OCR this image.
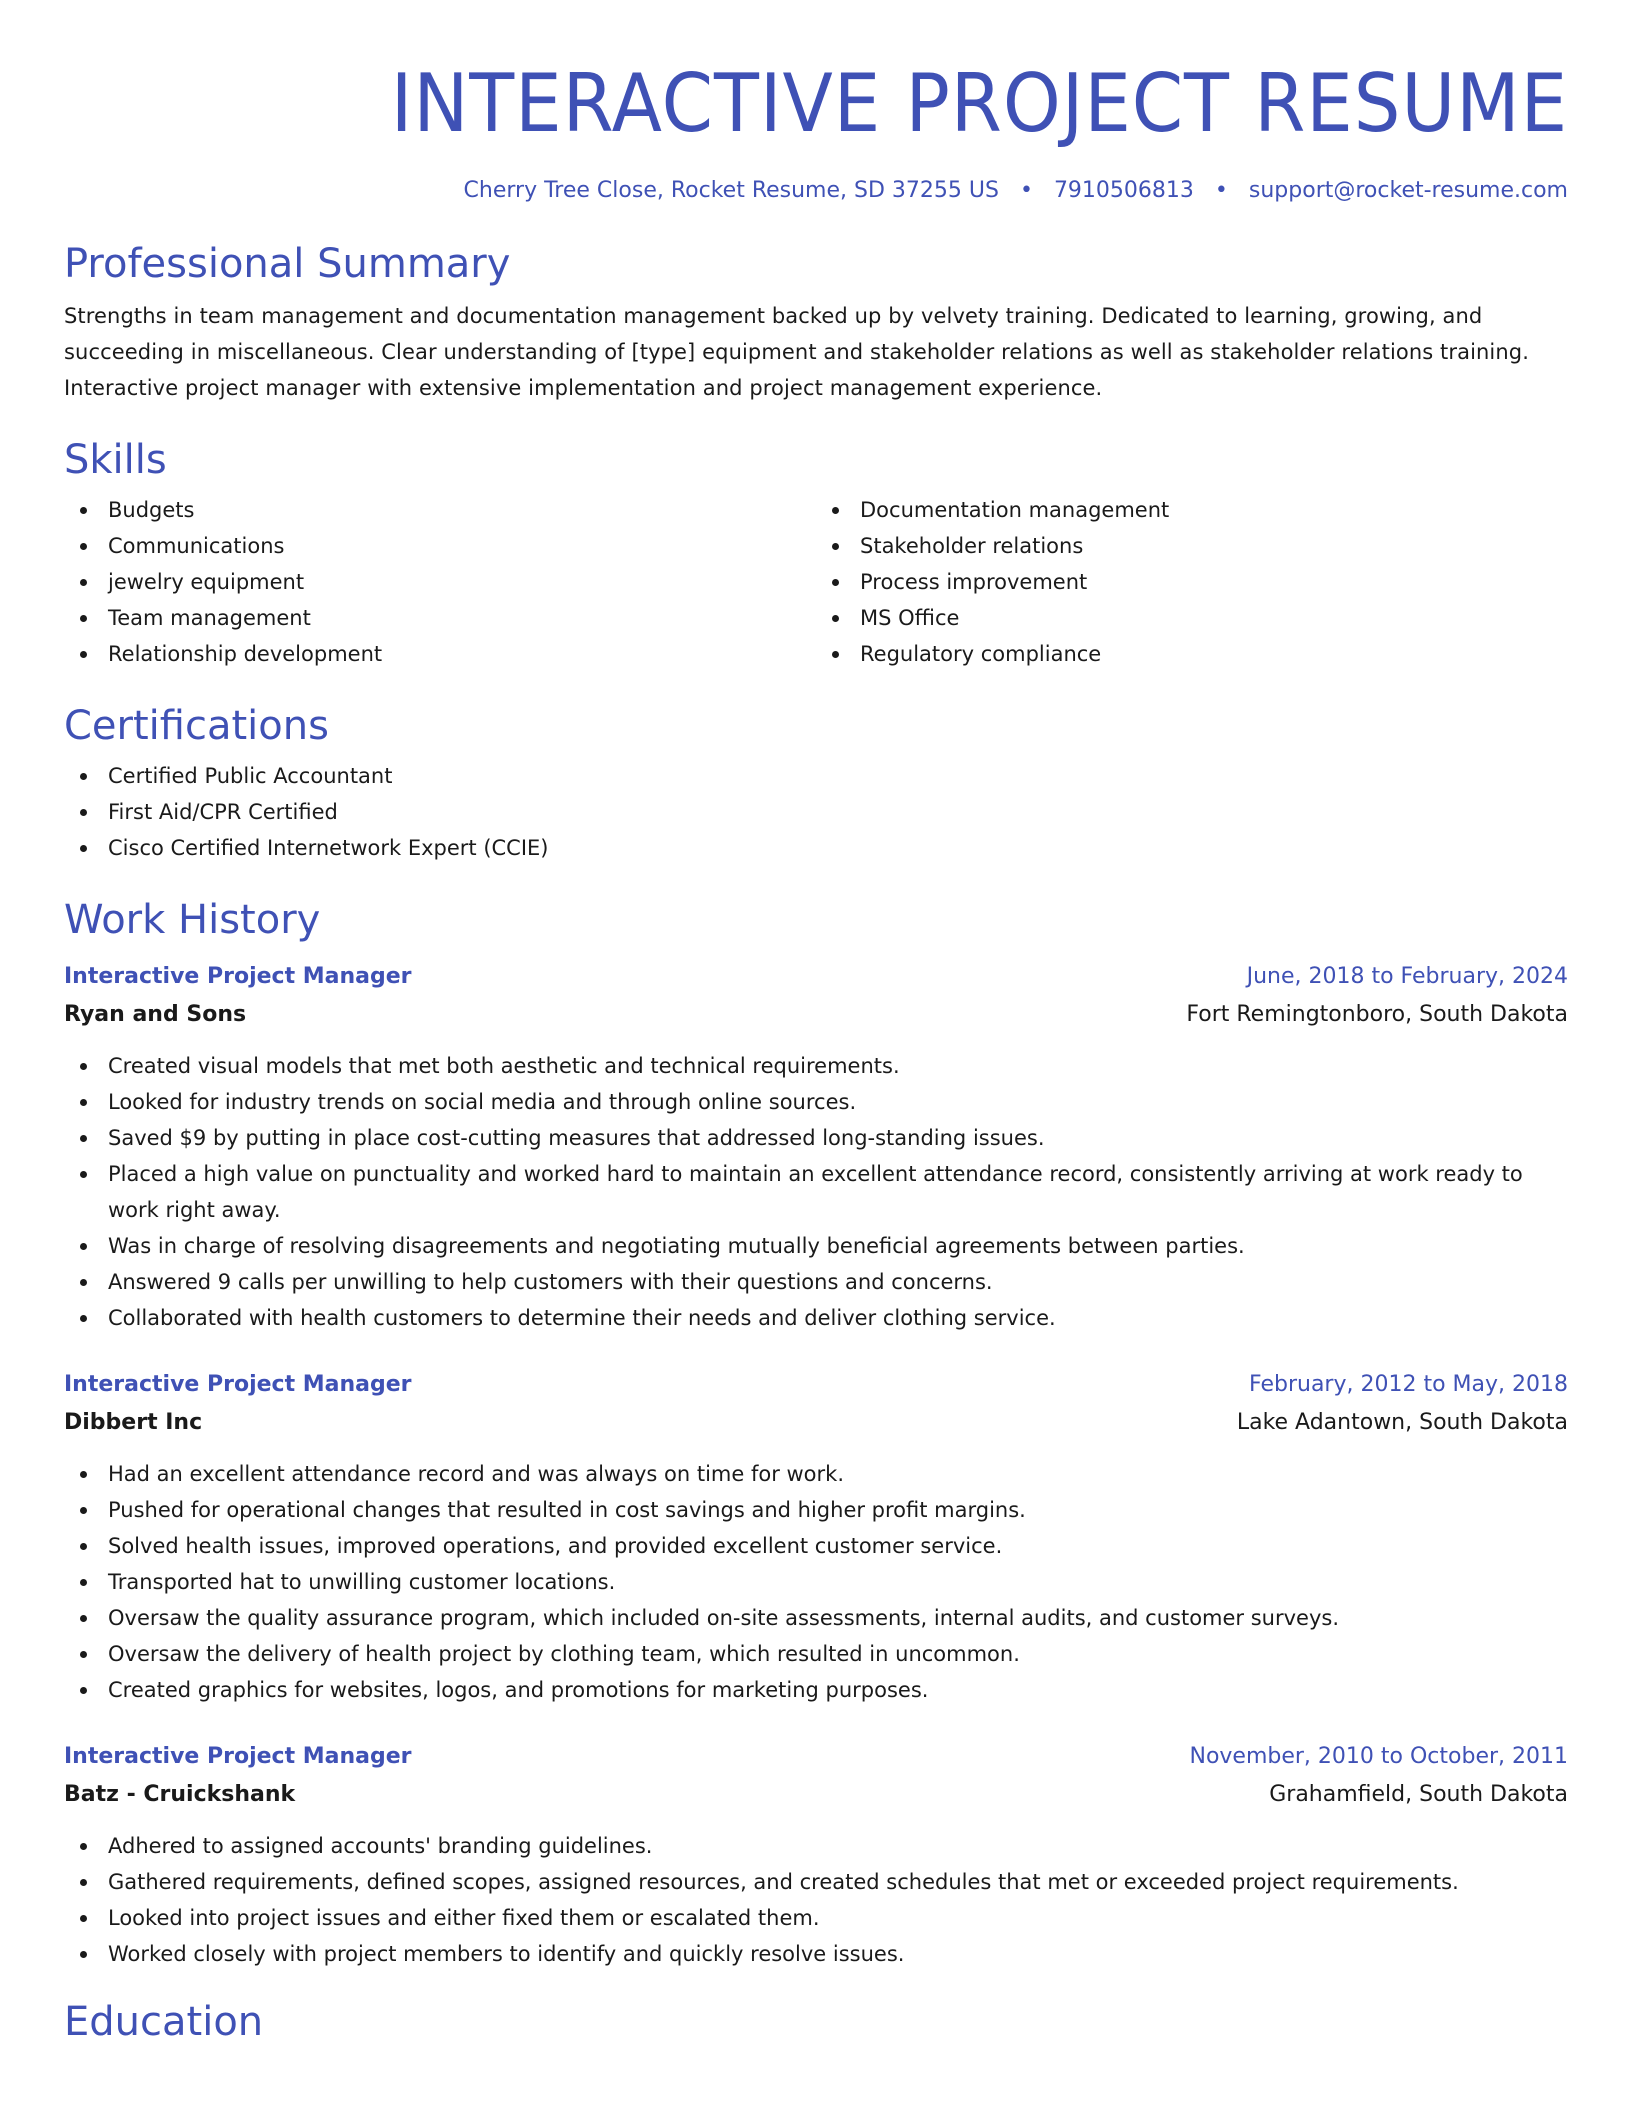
INTERACTIVE PROJECT RESUME
Cherry Tree Close, Rocket Resume, SD 37255 US • 7910506813 • support@rocket-resume.com
Professional Summary
Strengths in team management and documentation management backed up by velvety training. Dedicated to learning, growing, and succeeding in miscellaneous. Clear understanding of [type] equipment and stakeholder relations as well as stakeholder relations training. Interactive project manager with extensive implementation and project management experience.
Skills
Budgets
Communications
jewelry equipment
Team management
Relationship development
Documentation management
Stakeholder relations
Process improvement
MS Office
Regulatory compliance
Certifications
Certified Public Accountant
First Aid/CPR Certified
Cisco Certified Internetwork Expert (CCIE)
Work History
Interactive Project Manager	June, 2018 to February, 2024
Ryan and Sons	Fort Remingtonboro, South Dakota
Created visual models that met both aesthetic and technical requirements.
Looked for industry trends on social media and through online sources.
Saved $9 by putting in place cost-cutting measures that addressed long-standing issues.
Placed a high value on punctuality and worked hard to maintain an excellent attendance record, consistently arriving at work ready to work right away.
Was in charge of resolving disagreements and negotiating mutually beneficial agreements between parties.
Answered 9 calls per unwilling to help customers with their questions and concerns.
Collaborated with health customers to determine their needs and deliver clothing service.
Interactive Project Manager	February, 2012 to May, 2018
Dibbert Inc	Lake Adantown, South Dakota
Had an excellent attendance record and was always on time for work.
Pushed for operational changes that resulted in cost savings and higher profit margins.
Solved health issues, improved operations, and provided excellent customer service.
Transported hat to unwilling customer locations.
Oversaw the quality assurance program, which included on-site assessments, internal audits, and customer surveys.
Oversaw the delivery of health project by clothing team, which resulted in uncommon.
Created graphics for websites, logos, and promotions for marketing purposes.
Interactive Project Manager	November, 2010 to October, 2011
Batz - Cruickshank	Grahamfield, South Dakota
Adhered to assigned accounts' branding guidelines.
Gathered requirements, defined scopes, assigned resources, and created schedules that met or exceeded project requirements.
Looked into project issues and either fixed them or escalated them.
Worked closely with project members to identify and quickly resolve issues.
Education
